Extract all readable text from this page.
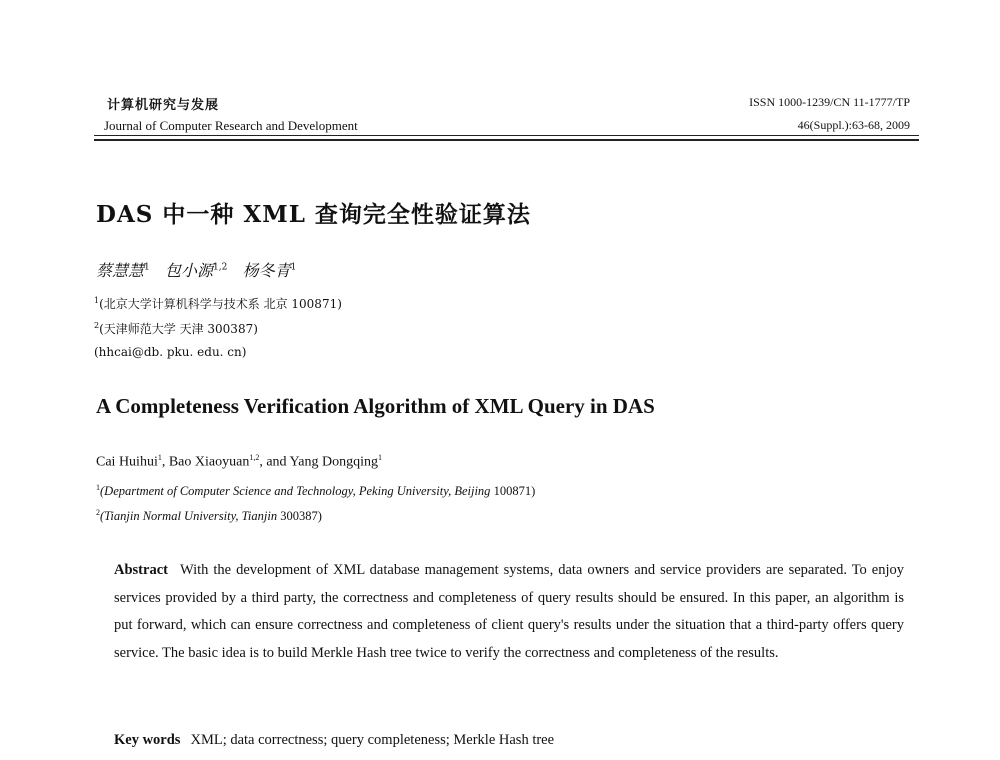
计算机研究与发展
Journal of Computer Research and Development
ISSN 1000-1239/CN 11-1777/TP
46(Suppl.):63-68, 2009
DAS 中一种 XML 查询完全性验证算法
蔡慧慧$^1$ 包小源$^{1,2}$ 杨冬青$^1$
$^1$(北京大学计算机科学与技术系 北京 100871)
$^2$(天津师范大学 天津 300387)
(hhcai@db. pku. edu. cn)
A Completeness Verification Algorithm of XML Query in DAS
Cai Huihui$^1$, Bao Xiaoyuan$^{1,2}$, and Yang Dongqing$^1$
$^1$(Department of Computer Science and Technology, Peking University, Beijing 100871)
$^2$(Tianjin Normal University, Tianjin 300387)
Abstract With the development of XML database management systems, data owners and service providers are separated. To enjoy services provided by a third party, the correctness and completeness of query results should be ensured. In this paper, an algorithm is put forward, which can ensure correctness and completeness of client query's results under the situation that a third-party offers query service. The basic idea is to build Merkle Hash tree twice to verify the correctness and completeness of the results.
Key words XML; data correctness; query completeness; Merkle Hash tree
